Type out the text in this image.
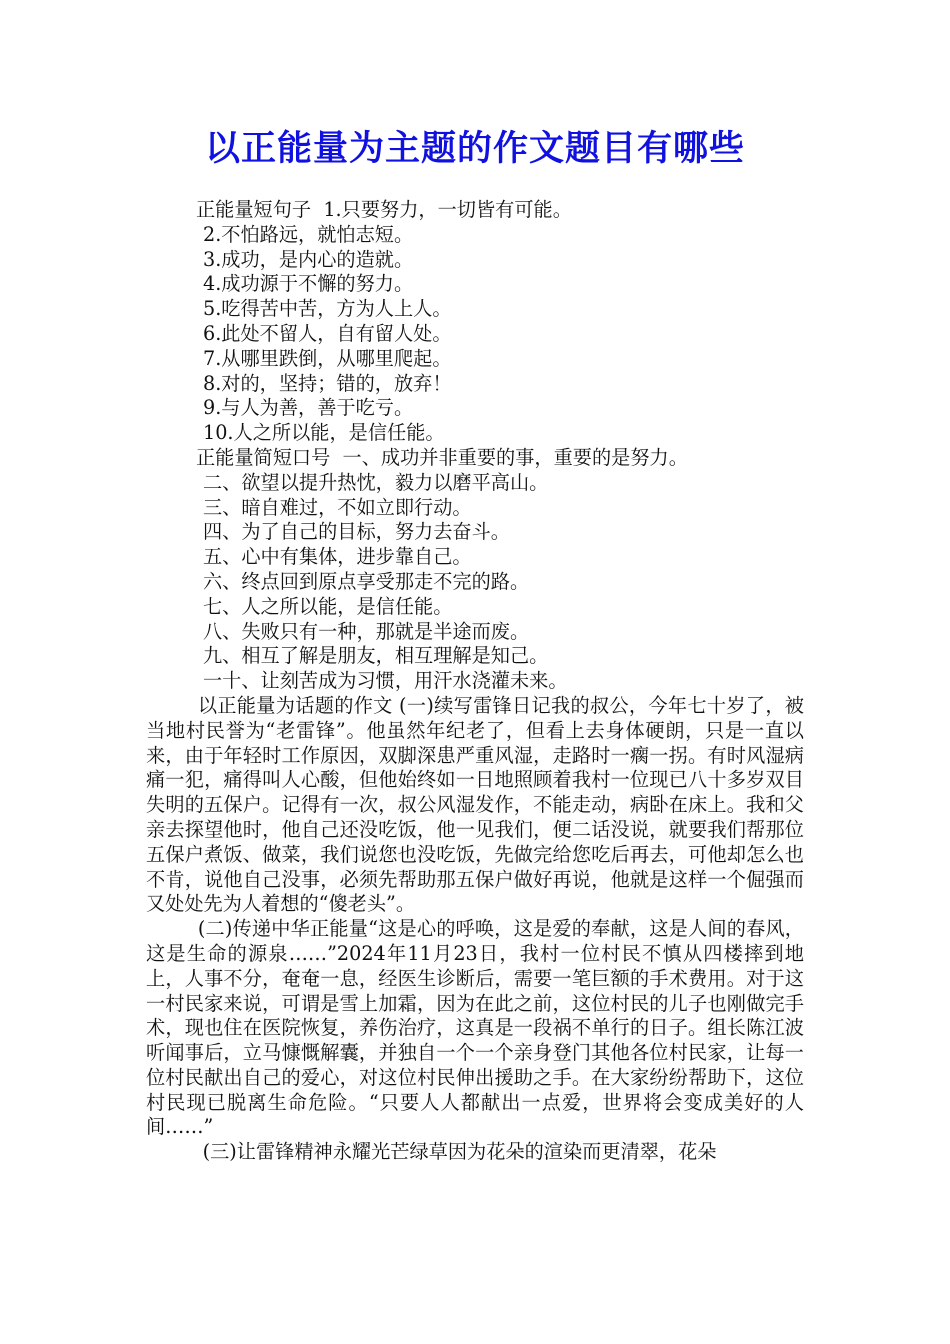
以正能量为主题的作文题目有哪些
正能量短句子  1.只要努力，一切皆有可能。
2.不怕路远，就怕志短。
3.成功，是内心的造就。
4.成功源于不懈的努力。
5.吃得苦中苦，方为人上人。
6.此处不留人，自有留人处。
7.从哪里跌倒，从哪里爬起。
8.对的，坚持；错的，放弃！
9.与人为善，善于吃亏。
10.人之所以能，是信任能。
正能量简短口号  一、成功并非重要的事，重要的是努力。
二、欲望以提升热忱，毅力以磨平高山。
三、暗自难过，不如立即行动。
四、为了自己的目标，努力去奋斗。
五、心中有集体，进步靠自己。
六、终点回到原点享受那走不完的路。
七、人之所以能，是信任能。
八、失败只有一种，那就是半途而废。
九、相互了解是朋友，相互理解是知己。
一十、让刻苦成为习惯，用汗水浇灌未来。

以正能量为话题的作文 (一)续写雷锋日记我的叔公，今年七十岁了，被当地村民誉为“老雷锋”。他虽然年纪老了，但看上去身体硬朗，只是一直以来，由于年轻时工作原因，双脚深患严重风湿，走路时一瘸一拐。有时风湿病痛一犯，痛得叫人心酸，但他始终如一日地照顾着我村一位现已八十多岁双目失明的五保户。记得有一次，叔公风湿发作，不能走动，病卧在床上。我和父亲去探望他时，他自己还没吃饭，他一见我们，便二话没说，就要我们帮那位五保户煮饭、做菜，我们说您也没吃饭，先做完给您吃后再去，可他却怎么也不肯，说他自己没事，必须先帮助那五保户做好再说，他就是这样一个倔强而又处处先为人着想的“傻老头”。

(二)传递中华正能量“这是心的呼唤，这是爱的奉献，这是人间的春风，这是生命的源泉……”2024年11月23日，我村一位村民不慎从四楼摔到地上，人事不分，奄奄一息，经医生诊断后，需要一笔巨额的手术费用。对于这一村民家来说，可谓是雪上加霜，因为在此之前，这位村民的儿子也刚做完手术，现也住在医院恢复，养伤治疗，这真是一段祸不单行的日子。组长陈江波听闻事后，立马慷慨解囊，并独自一个一个亲身登门其他各位村民家，让每一位村民献出自己的爱心，对这位村民伸出援助之手。在大家纷纷帮助下，这位村民现已脱离生命危险。“只要人人都献出一点爱，世界将会变成美好的人间……”

(三)让雷锋精神永耀光芒绿草因为花朵的渲染而更清翠，花朵
